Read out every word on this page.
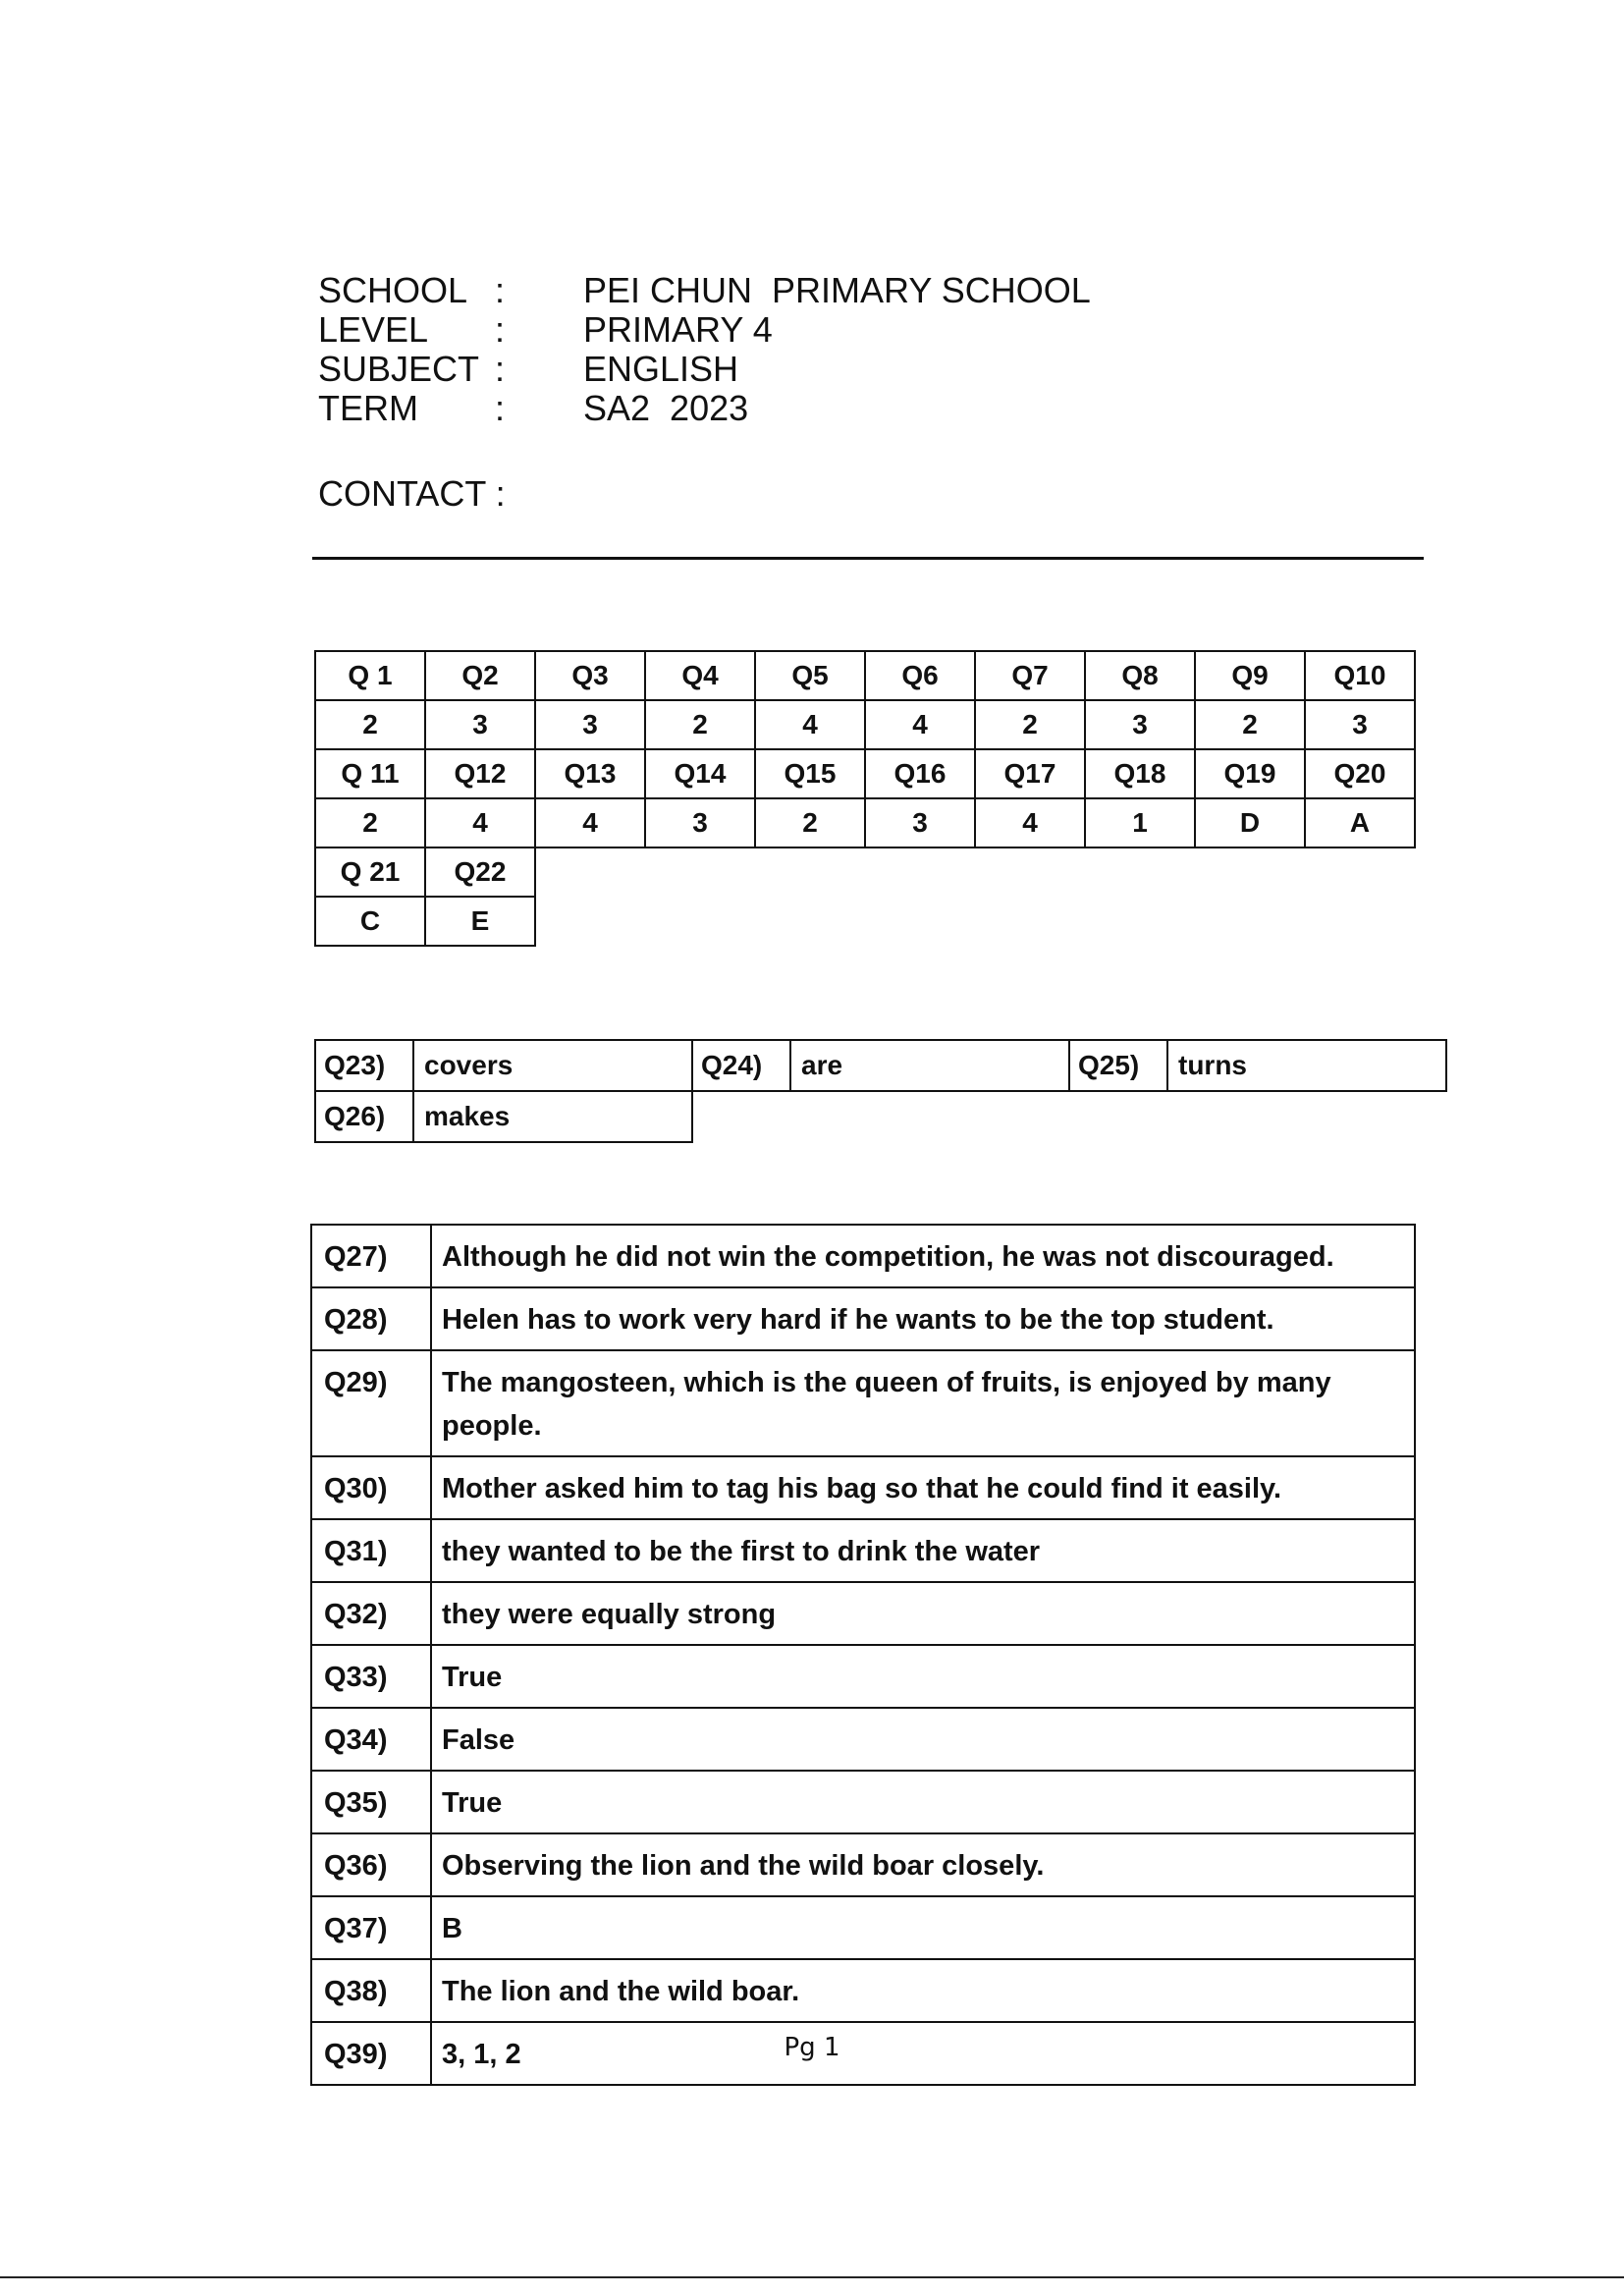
SCHOOL : PEI CHUN  PRIMARY SCHOOL
LEVEL	: PRIMARY 4
SUBJECT : ENGLISH
TERM	: SA2  2023
CONTACT :
Q 1	Q2	Q3	Q4	Q5	Q6	Q7	Q8	Q9	Q10
2	3	3	2	4	4	2	3	2	3
Q 11	Q12	Q13	Q14	Q15	Q16	Q17	Q18	Q19	Q20
2	4	4	3	2	3	4	1	D	A
Q 21	Q22								
C	E								
Q23)	covers	Q24)	are	Q25)	turns
Q26)	makes				
Q27)	Although he did not win the competition, he was not discouraged.
Q28)	Helen has to work very hard if he wants to be the top student.
Q29)	The mangosteen, which is the queen of fruits, is enjoyed by many people.
Q30)	Mother asked him to tag his bag so that he could find it easily.
Q31)	they wanted to be the first to drink the water
Q32)	they were equally strong
Q33)	True
Q34)	False
Q35)	True
Q36)	Observing the lion and the wild boar closely.
Q37)	B
Q38)	The lion and the wild boar.
Q39)	3, 1, 2	Pg 1
